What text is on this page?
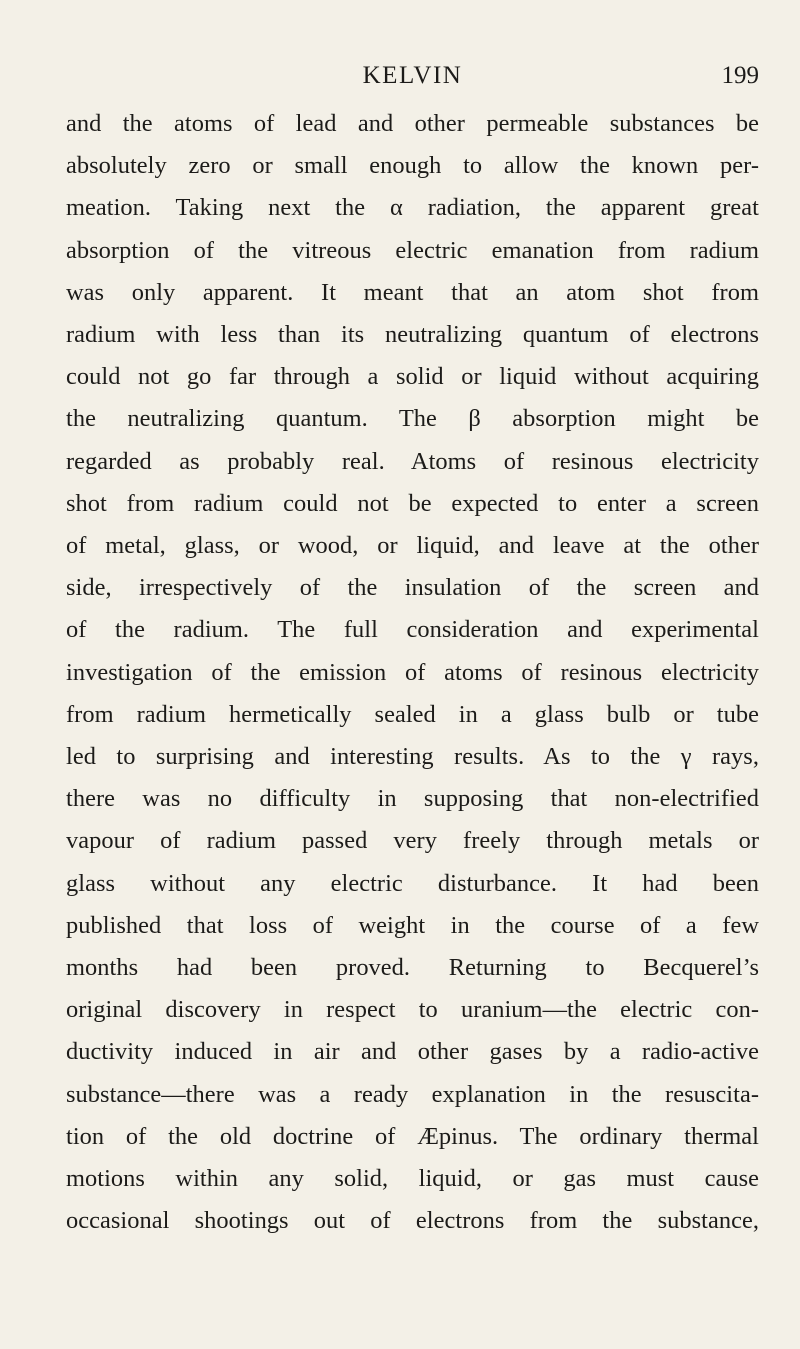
KELVIN	199
and the atoms of lead and other permeable substances be
absolutely zero or small enough to allow the known per-
meation. Taking next the α radiation, the apparent great
absorption of the vitreous electric emanation from radium
was only apparent. It meant that an atom shot from
radium with less than its neutralizing quantum of electrons
could not go far through a solid or liquid without acquiring
the neutralizing quantum. The β absorption might be
regarded as probably real. Atoms of resinous electricity
shot from radium could not be expected to enter a screen
of metal, glass, or wood, or liquid, and leave at the other
side, irrespectively of the insulation of the screen and
of the radium. The full consideration and experimental
investigation of the emission of atoms of resinous electricity
from radium hermetically sealed in a glass bulb or tube
led to surprising and interesting results. As to the γ rays,
there was no difficulty in supposing that non-electrified
vapour of radium passed very freely through metals or
glass without any electric disturbance. It had been
published that loss of weight in the course of a few
months had been proved. Returning to Becquerel’s
original discovery in respect to uranium—the electric con-
ductivity induced in air and other gases by a radio-active
substance—there was a ready explanation in the resuscita-
tion of the old doctrine of Æpinus. The ordinary thermal
motions within any solid, liquid, or gas must cause
occasional shootings out of electrons from the substance,
